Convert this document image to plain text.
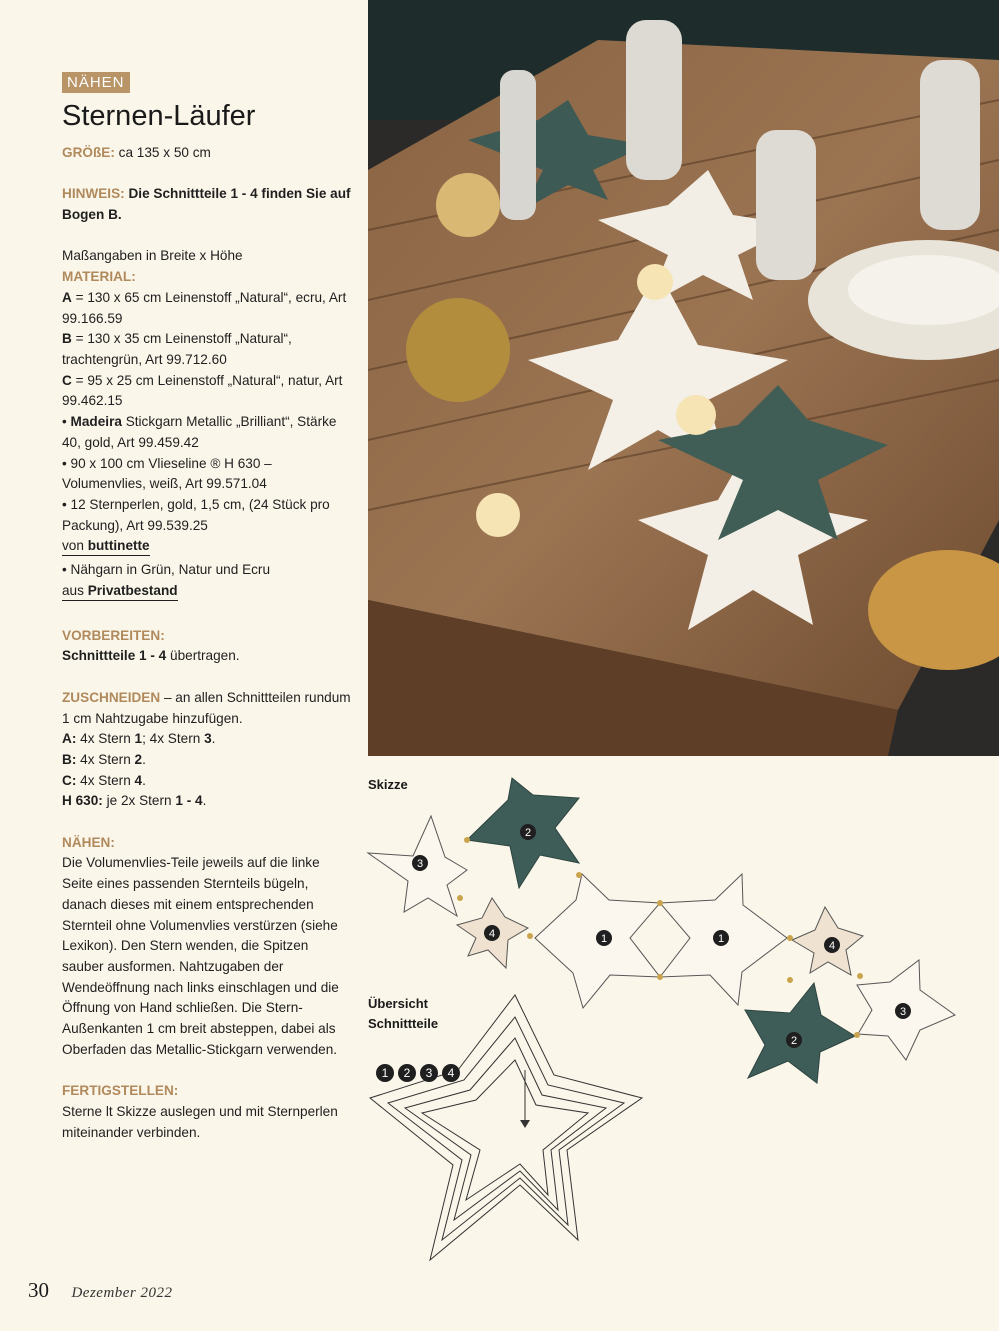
NÄHEN
Sternen-Läufer

GRÖßE: ca 135 x 50 cm

HINWEIS: Die Schnittteile 1 - 4 finden Sie auf Bogen B.

Maßangaben in Breite x Höhe

MATERIAL:

A = 130 x 65 cm Leinenstoff „Natural“, ecru, Art 99.166.59

B = 130 x 35 cm Leinenstoff „Natural“, trachtengrün, Art 99.712.60

C = 95 x 25 cm Leinenstoff „Natural“, natur, Art 99.462.15

• Madeira Stickgarn Metallic „Brilliant“, Stärke 40, gold, Art 99.459.42

• 90 x 100 cm Vlieseline ® H 630 – Volumenvlies, weiß, Art 99.571.04

• 12 Sternperlen, gold, 1,5 cm, (24 Stück pro Packung), Art 99.539.25

von buttinette

• Nähgarn in Grün, Natur und Ecru

aus Privatbestand

VORBEREITEN:

Schnittteile 1 - 4 übertragen.

ZUSCHNEIDEN – an allen Schnittteilen rundum 1 cm Nahtzugabe hinzufügen.

A: 4x Stern 1; 4x Stern 3.

B: 4x Stern 2.

C: 4x Stern 4.

H 630: je 2x Stern 1 - 4.

NÄHEN:

Die Volumenvlies-Teile jeweils auf die linke Seite eines passenden Sternteils bügeln, danach dieses mit einem entsprechenden Sternteil ohne Volumenvlies verstürzen (siehe Lexikon). Den Stern wenden, die Spitzen sauber ausformen. Nahtzugaben der Wendeöffnung nach links einschlagen und die Öffnung von Hand schließen. Die Stern-Außenkanten 1 cm breit absteppen, dabei als Oberfaden das Metallic-Stickgarn verwenden.

FERTIGSTELLEN:

Sterne lt Skizze auslegen und mit Sternperlen miteinander verbinden.

Skizze
Übersicht
Schnittteile
3
2
4	1	1
4
2
3
1 2 3 4
30 Dezember 2022
